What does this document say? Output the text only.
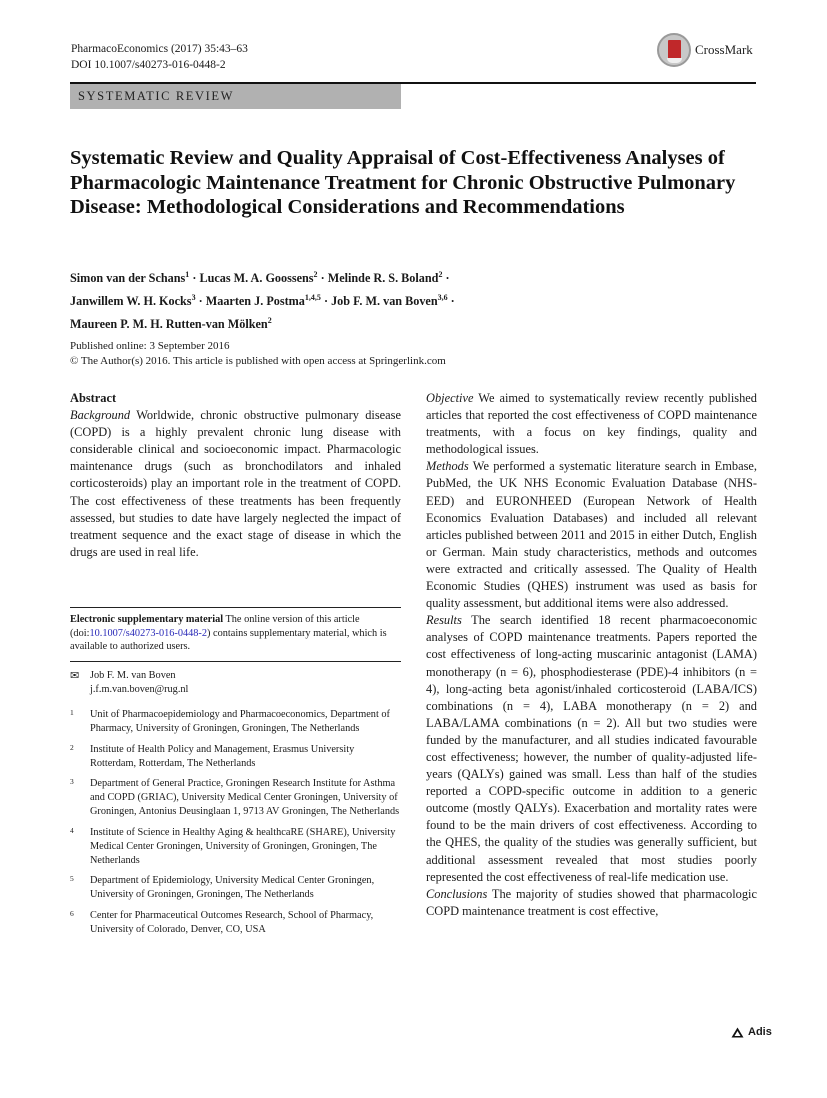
PharmacoEconomics (2017) 35:43–63
DOI 10.1007/s40273-016-0448-2
CrossMark
SYSTEMATIC REVIEW
Systematic Review and Quality Appraisal of Cost-Effectiveness Analyses of Pharmacologic Maintenance Treatment for Chronic Obstructive Pulmonary Disease: Methodological Considerations and Recommendations
Simon van der Schans$^1$ · Lucas M. A. Goossens$^2$ · Melinde R. S. Boland$^2$ ·
Janwillem W. H. Kocks$^3$ · Maarten J. Postma$^{1,4,5}$ · Job F. M. van Boven$^{3,6}$ ·
Maureen P. M. H. Rutten-van Mölken$^2$
Published online: 3 September 2016
© The Author(s) 2016. This article is published with open access at Springerlink.com
Abstract
Background Worldwide, chronic obstructive pulmonary disease (COPD) is a highly prevalent chronic lung disease with considerable clinical and socioeconomic impact. Pharmacologic maintenance drugs (such as bronchodilators and inhaled corticosteroids) play an important role in the treatment of COPD. The cost effectiveness of these treatments has been frequently assessed, but studies to date have largely neglected the impact of treatment sequence and the exact stage of disease in which the drugs are used in real life.
Electronic supplementary material The online version of this article (doi:10.1007/s40273-016-0448-2) contains supplementary material, which is available to authorized users.
✉	Job F. M. van Boven
j.f.m.van.boven@rug.nl
1	Unit of Pharmacoepidemiology and Pharmacoeconomics, Department of Pharmacy, University of Groningen, Groningen, The Netherlands
2	Institute of Health Policy and Management, Erasmus University Rotterdam, Rotterdam, The Netherlands
3	Department of General Practice, Groningen Research Institute for Asthma and COPD (GRIAC), University Medical Center Groningen, University of Groningen, Antonius Deusinglaan 1, 9713 AV Groningen, The Netherlands
4	Institute of Science in Healthy Aging & healthcaRE (SHARE), University Medical Center Groningen, University of Groningen, Groningen, The Netherlands
5	Department of Epidemiology, University Medical Center Groningen, University of Groningen, Groningen, The Netherlands
6	Center for Pharmaceutical Outcomes Research, School of Pharmacy, University of Colorado, Denver, CO, USA
Objective We aimed to systematically review recently published articles that reported the cost effectiveness of COPD maintenance treatments, with a focus on key findings, quality and methodological issues.
Methods We performed a systematic literature search in Embase, PubMed, the UK NHS Economic Evaluation Database (NHS-EED) and EURONHEED (European Network of Health Economics Evaluation Databases) and included all relevant articles published between 2011 and 2015 in either Dutch, English or German. Main study characteristics, methods and outcomes were extracted and critically assessed. The Quality of Health Economic Studies (QHES) instrument was used as basis for quality assessment, but additional items were also addressed.
Results The search identified 18 recent pharmacoeconomic analyses of COPD maintenance treatments. Papers reported the cost effectiveness of long-acting muscarinic antagonist (LAMA) monotherapy (n = 6), phosphodiesterase (PDE)-4 inhibitors (n = 4), long-acting beta agonist/inhaled corticosteroid (LABA/ICS) combinations (n = 4), LABA monotherapy (n = 2) and LABA/LAMA combinations (n = 2). All but two studies were funded by the manufacturer, and all studies indicated favourable cost effectiveness; however, the number of quality-adjusted life-years (QALYs) gained was small. Less than half of the studies reported a COPD-specific outcome in addition to a generic outcome (mostly QALYs). Exacerbation and mortality rates were found to be the main drivers of cost effectiveness. According to the QHES, the quality of the studies was generally sufficient, but additional assessment revealed that most studies poorly represented the cost effectiveness of real-life medication use.
Conclusions The majority of studies showed that pharmacologic COPD maintenance treatment is cost effective,
Adis
